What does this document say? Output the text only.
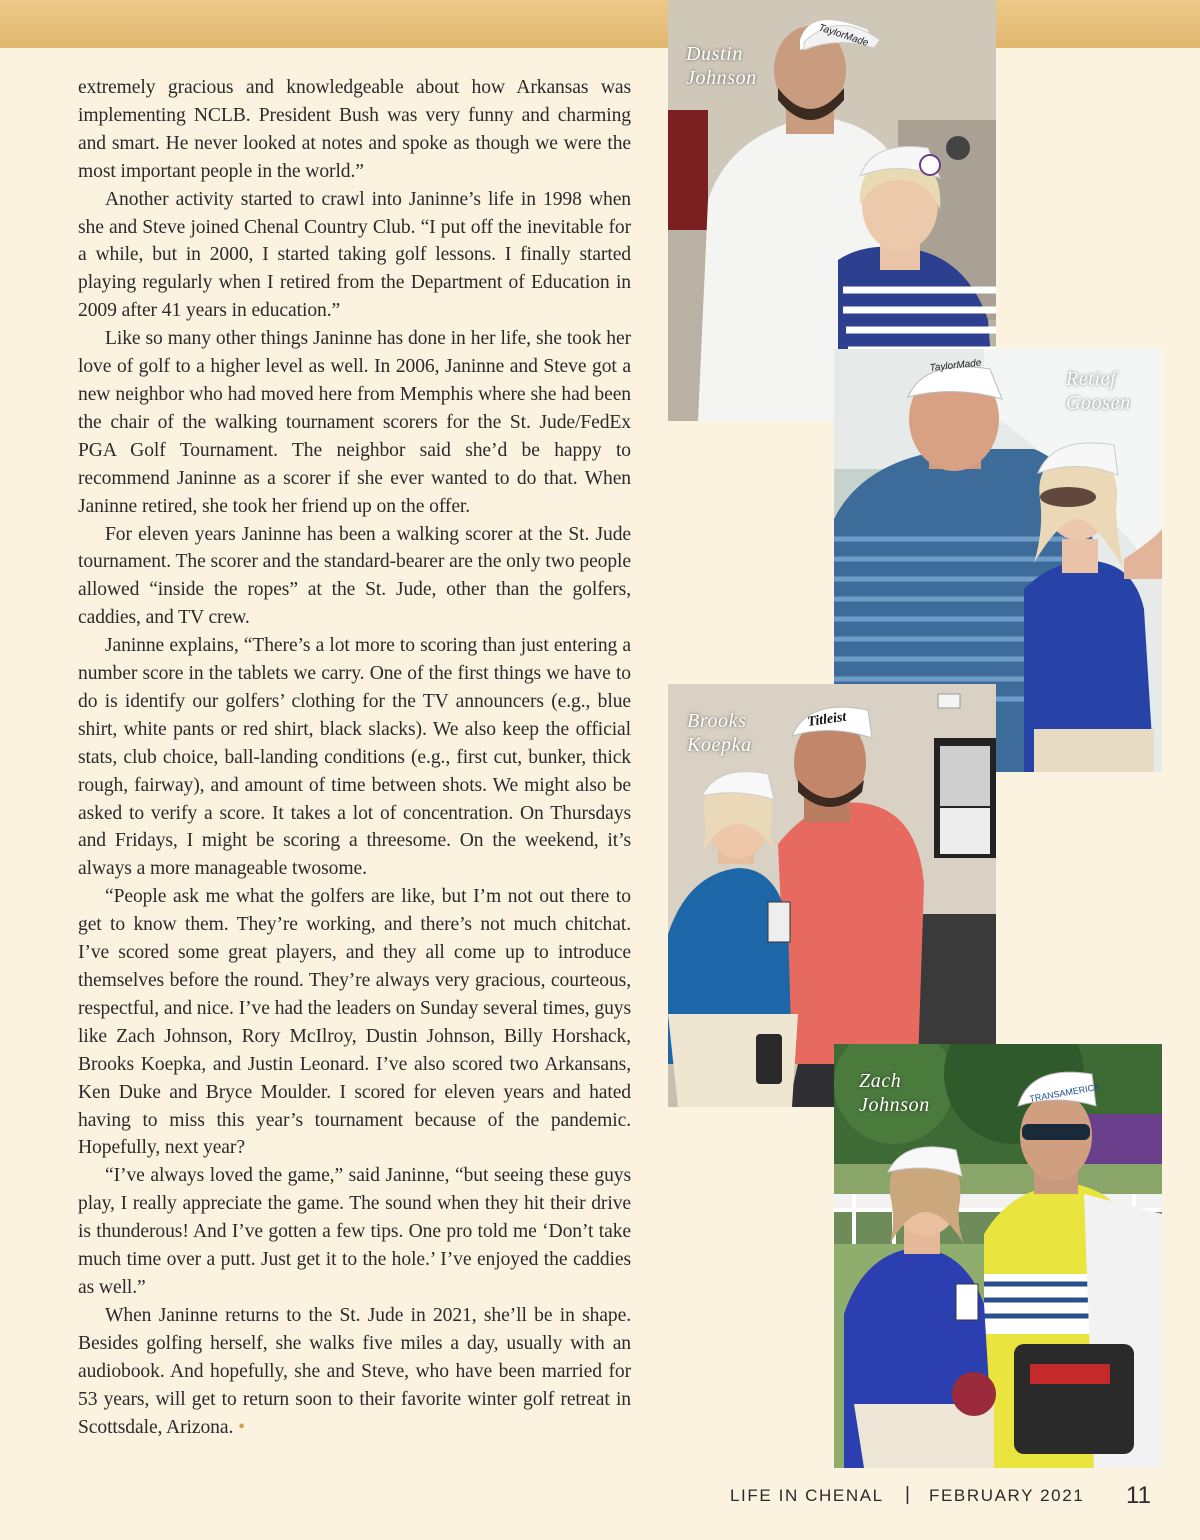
extremely gracious and knowledgeable about how Arkansas was implementing NCLB. President Bush was very funny and charming and smart. He never looked at notes and spoke as though we were the most important people in the world.”

Another activity started to crawl into Janinne’s life in 1998 when she and Steve joined Chenal Country Club. “I put off the inevitable for a while, but in 2000, I started taking golf lessons. I finally started playing regularly when I retired from the Department of Education in 2009 after 41 years in education.”

Like so many other things Janinne has done in her life, she took her love of golf to a higher level as well. In 2006, Janinne and Steve got a new neighbor who had moved here from Memphis where she had been the chair of the walking tournament scorers for the St. Jude/FedEx PGA Golf Tournament. The neighbor said she’d be happy to recommend Janinne as a scorer if she ever wanted to do that. When Janinne retired, she took her friend up on the offer.

For eleven years Janinne has been a walking scorer at the St. Jude tournament. The scorer and the standard-bearer are the only two people allowed “inside the ropes” at the St. Jude, other than the golfers, caddies, and TV crew.

Janinne explains, “There’s a lot more to scoring than just entering a number score in the tablets we carry. One of the first things we have to do is identify our golfers’ clothing for the TV announcers (e.g., blue shirt, white pants or red shirt, black slacks). We also keep the official stats, club choice, ball-landing conditions (e.g., first cut, bunker, thick rough, fairway), and amount of time between shots. We might also be asked to verify a score. It takes a lot of concentration. On Thursdays and Fridays, I might be scoring a threesome. On the weekend, it’s always a more manageable twosome.

“People ask me what the golfers are like, but I’m not out there to get to know them. They’re working, and there’s not much chitchat. I’ve scored some great players, and they all come up to introduce themselves before the round. They’re always very gracious, courteous, respectful, and nice. I’ve had the leaders on Sunday several times, guys like Zach Johnson, Rory McIlroy, Dustin Johnson, Billy Horshack, Brooks Koepka, and Justin Leonard. I’ve also scored two Arkansans, Ken Duke and Bryce Moulder. I scored for eleven years and hated having to miss this year’s tournament because of the pandemic. Hopefully, next year?

“I’ve always loved the game,” said Janinne, “but seeing these guys play, I really appreciate the game. The sound when they hit their drive is thunderous! And I’ve gotten a few tips. One pro told me ‘Don’t take much time over a putt. Just get it to the hole.’ I’ve enjoyed the caddies as well.”

When Janinne returns to the St. Jude in 2021, she’ll be in shape. Besides golfing herself, she walks five miles a day, usually with an audiobook. And hopefully, she and Steve, who have been married for 53 years, will get to return soon to their favorite winter golf retreat in Scottsdale, Arizona. •

TaylorMade
Dustin
Johnson
TaylorMade
Retief
Goosen
Titleist
Brooks
Koepka
TRANSAMERICA
Zach
Johnson
LIFE IN CHENAL | FEBRUARY 2021 11
